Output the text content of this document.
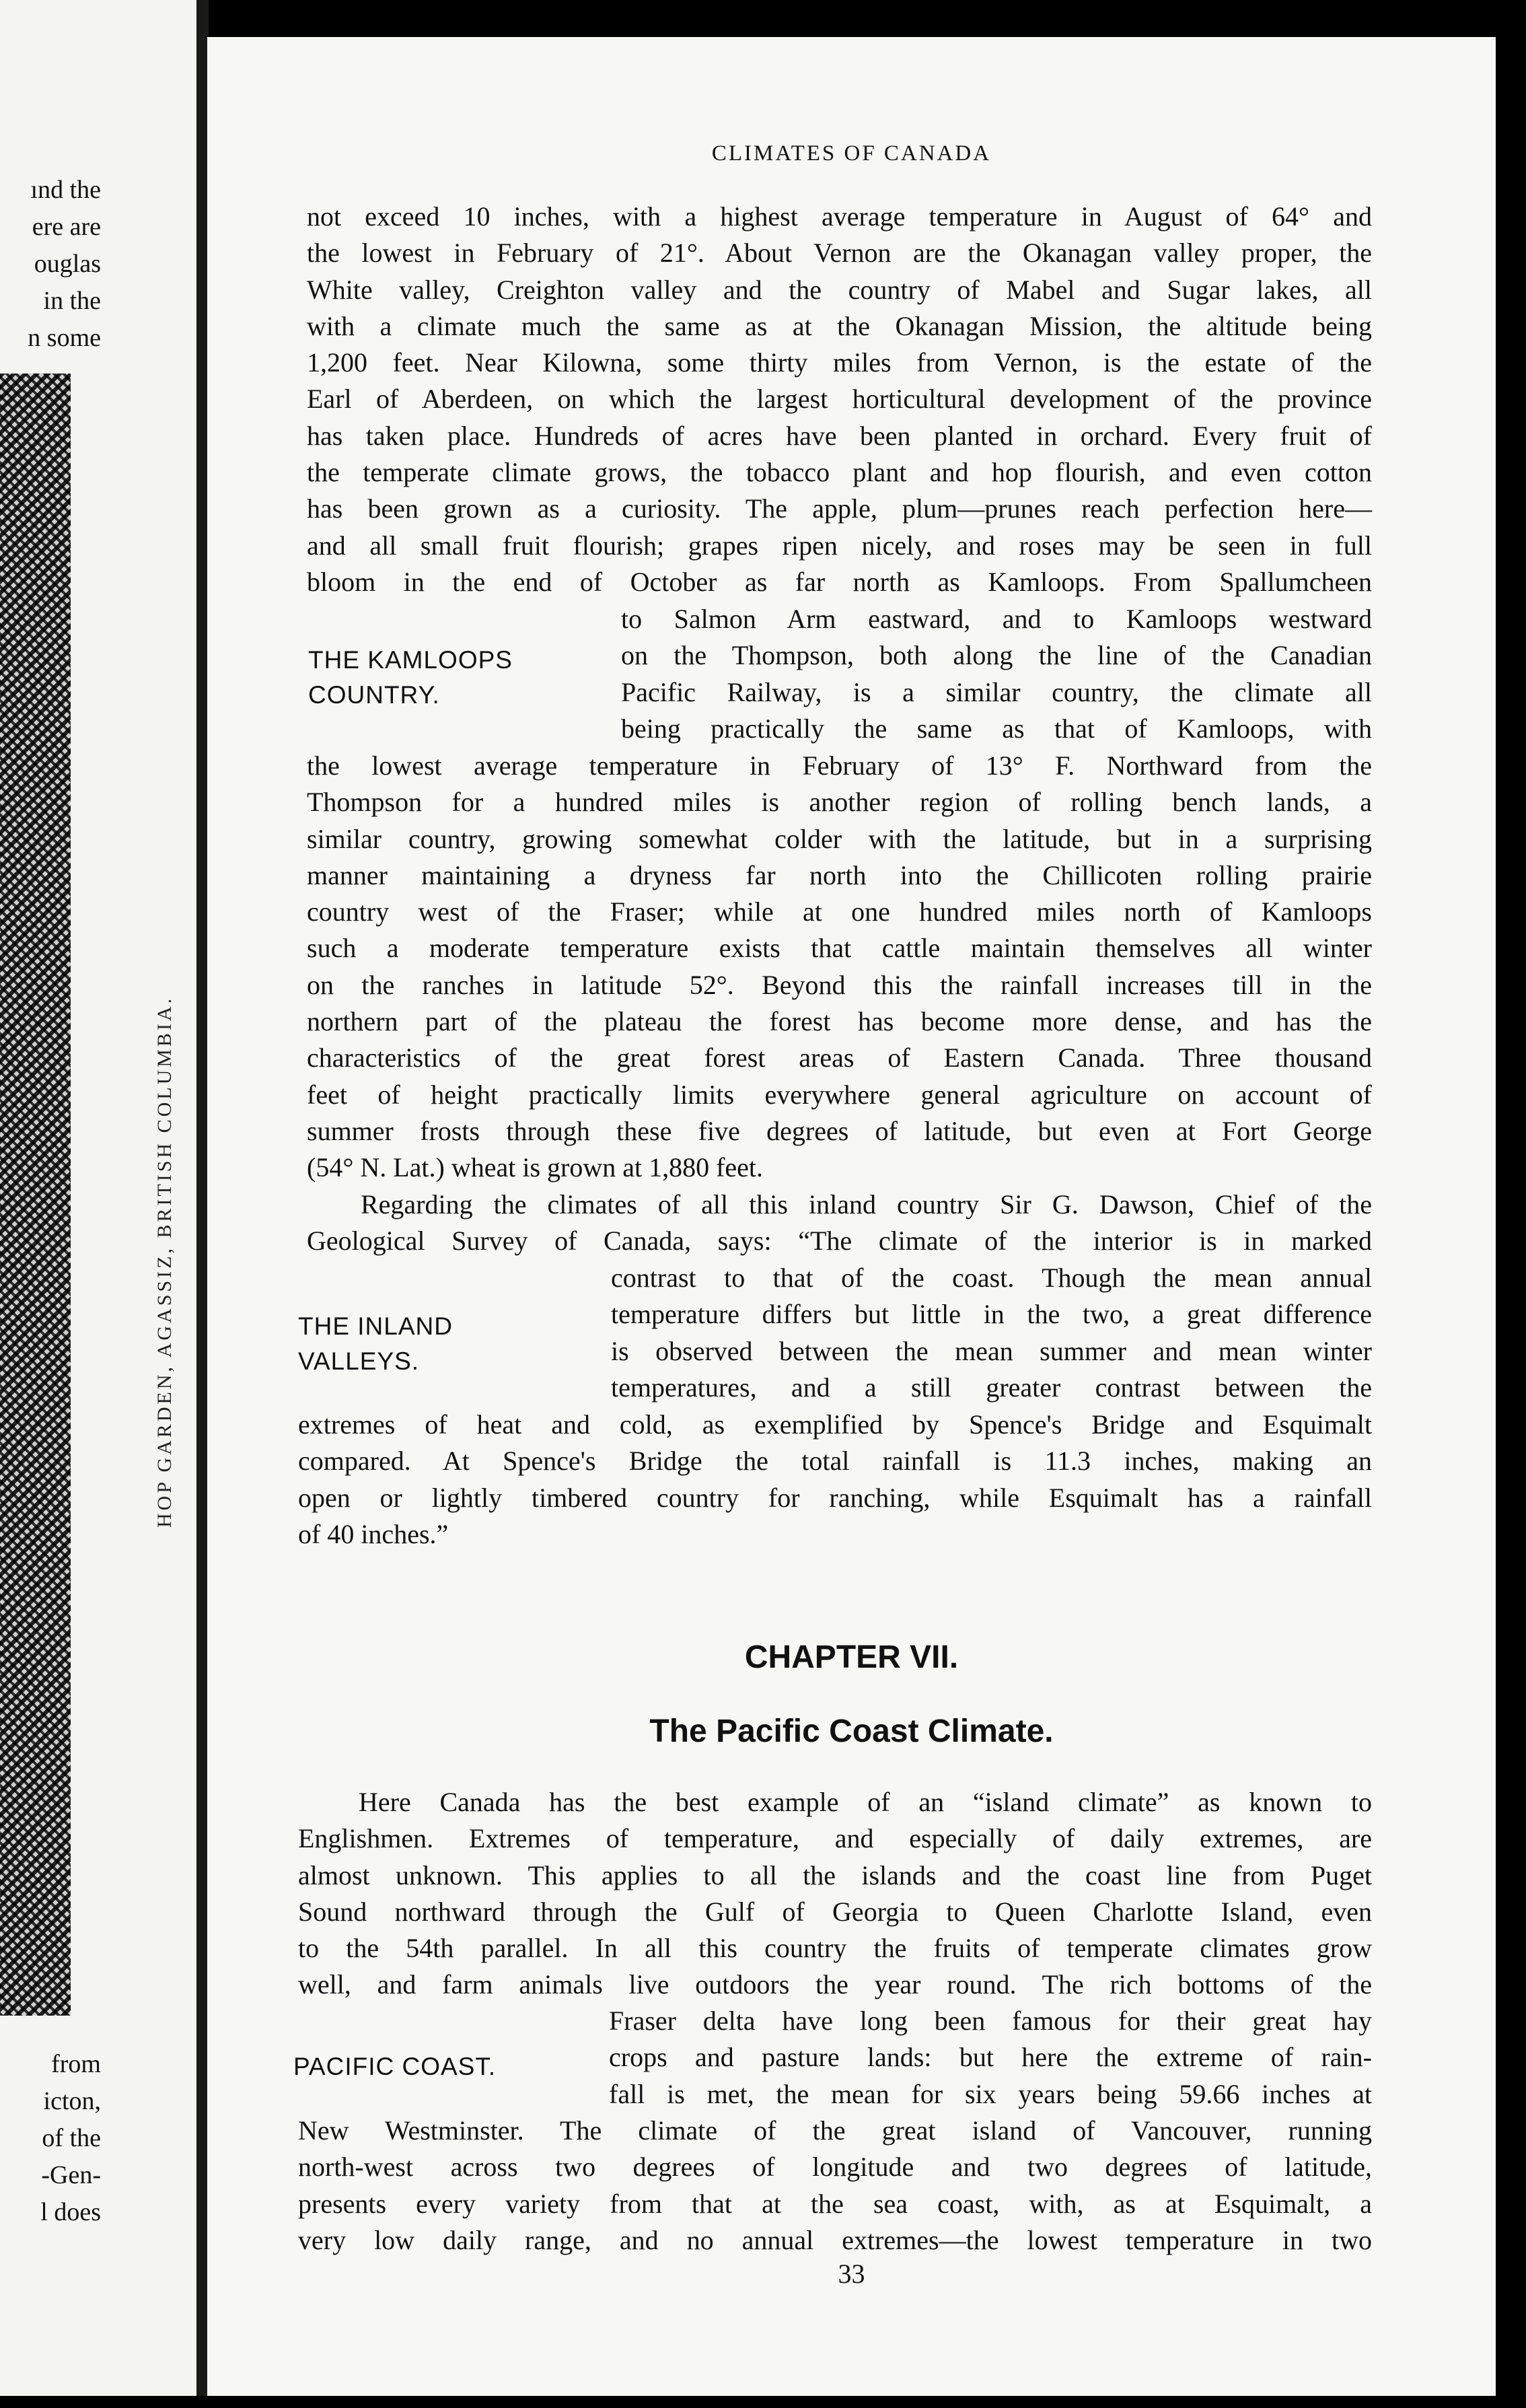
ınd the
ere are
ouglas
in the
n some
HOP GARDEN, AGASSIZ, BRITISH COLUMBIA.
from
icton,
of the
-Gen-
l does
CLIMATES OF CANADA
not exceed 10 inches, with a highest average temperature in August of 64° and
the lowest in February of 21°. About Vernon are the Okanagan valley proper, the
White valley, Creighton valley and the country of Mabel and Sugar lakes, all
with a climate much the same as at the Okanagan Mission, the altitude being
1,200 feet. Near Kilowna, some thirty miles from Vernon, is the estate of the
Earl of Aberdeen, on which the largest horticultural development of the province
has taken place. Hundreds of acres have been planted in orchard. Every fruit of
the temperate climate grows, the tobacco plant and hop flourish, and even cotton
has been grown as a curiosity. The apple, plum—prunes reach perfection here—
and all small fruit flourish; grapes ripen nicely, and roses may be seen in full
bloom in the end of October as far north as Kamloops. From Spallumcheen
THE KAMLOOPS
COUNTRY.
to Salmon Arm eastward, and to Kamloops westward
on the Thompson, both along the line of the Canadian
Pacific Railway, is a similar country, the climate all
being practically the same as that of Kamloops, with
the lowest average temperature in February of 13° F. Northward from the
Thompson for a hundred miles is another region of rolling bench lands, a
similar country, growing somewhat colder with the latitude, but in a surprising
manner maintaining a dryness far north into the Chillicoten rolling prairie
country west of the Fraser; while at one hundred miles north of Kamloops
such a moderate temperature exists that cattle maintain themselves all winter
on the ranches in latitude 52°. Beyond this the rainfall increases till in the
northern part of the plateau the forest has become more dense, and has the
characteristics of the great forest areas of Eastern Canada. Three thousand
feet of height practically limits everywhere general agriculture on account of
summer frosts through these five degrees of latitude, but even at Fort George
(54° N. Lat.) wheat is grown at 1,880 feet.
Regarding the climates of all this inland country Sir G. Dawson, Chief of the
Geological Survey of Canada, says: “The climate of the interior is in marked
THE INLAND
VALLEYS.
contrast to that of the coast. Though the mean annual
temperature differs but little in the two, a great difference
is observed between the mean summer and mean winter
temperatures, and a still greater contrast between the
extremes of heat and cold, as exemplified by Spence's Bridge and Esquimalt
compared. At Spence's Bridge the total rainfall is 11.3 inches, making an
open or lightly timbered country for ranching, while Esquimalt has a rainfall
of 40 inches.”
CHAPTER VII.
The Pacific Coast Climate.
Here Canada has the best example of an “island climate” as known to
Englishmen. Extremes of temperature, and especially of daily extremes, are
almost unknown. This applies to all the islands and the coast line from Puget
Sound northward through the Gulf of Georgia to Queen Charlotte Island, even
to the 54th parallel. In all this country the fruits of temperate climates grow
well, and farm animals live outdoors the year round. The rich bottoms of the
PACIFIC COAST.
Fraser delta have long been famous for their great hay
crops and pasture lands: but here the extreme of rain-
fall is met, the mean for six years being 59.66 inches at
New Westminster. The climate of the great island of Vancouver, running
north-west across two degrees of longitude and two degrees of latitude,
presents every variety from that at the sea coast, with, as at Esquimalt, a
very low daily range, and no annual extremes—the lowest temperature in two
33
